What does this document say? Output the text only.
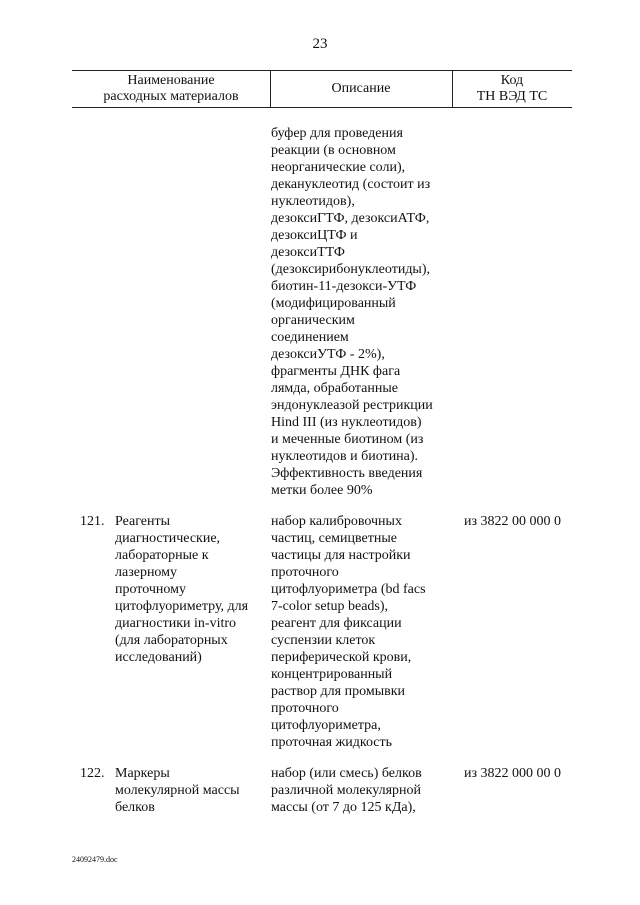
23
Наименование
расходных материалов
Описание
Код
ТН ВЭД ТС
буфер для проведения
реакции (в основном
неорганические соли),
декануклеотид (состоит из
нуклеотидов),
дезоксиГТФ, дезоксиАТФ,
дезоксиЦТФ и
дезоксиТТФ
(дезоксирибонуклеотиды),
биотин-11-дезокси-УТФ
(модифицированный
органическим
соединением
дезоксиУТФ - 2%),
фрагменты ДНК фага
лямда, обработанные
эндонуклеазой рестрикции
Hind III (из нуклеотидов)
и меченные биотином (из
нуклеотидов и биотина).
Эффективность введения
метки более 90%
121. Реагенты
диагностические,
лабораторные к
лазерному
проточному
цитофлуориметру, для
диагностики in-vitro
(для лабораторных
исследований)
набор калибровочных
частиц, семицветные
частицы для настройки
проточного
цитофлуориметра (bd facs
7-color setup beads),
реагент для фиксации
суспензии клеток
периферической крови,
концентрированный
раствор для промывки
проточного
цитофлуориметра,
проточная жидкость
из 3822 00 000 0
122. Маркеры
молекулярной массы
белков
набор (или смесь) белков
различной молекулярной
массы (от 7 до 125 кДа),
из 3822 000 00 0
24092479.doc
